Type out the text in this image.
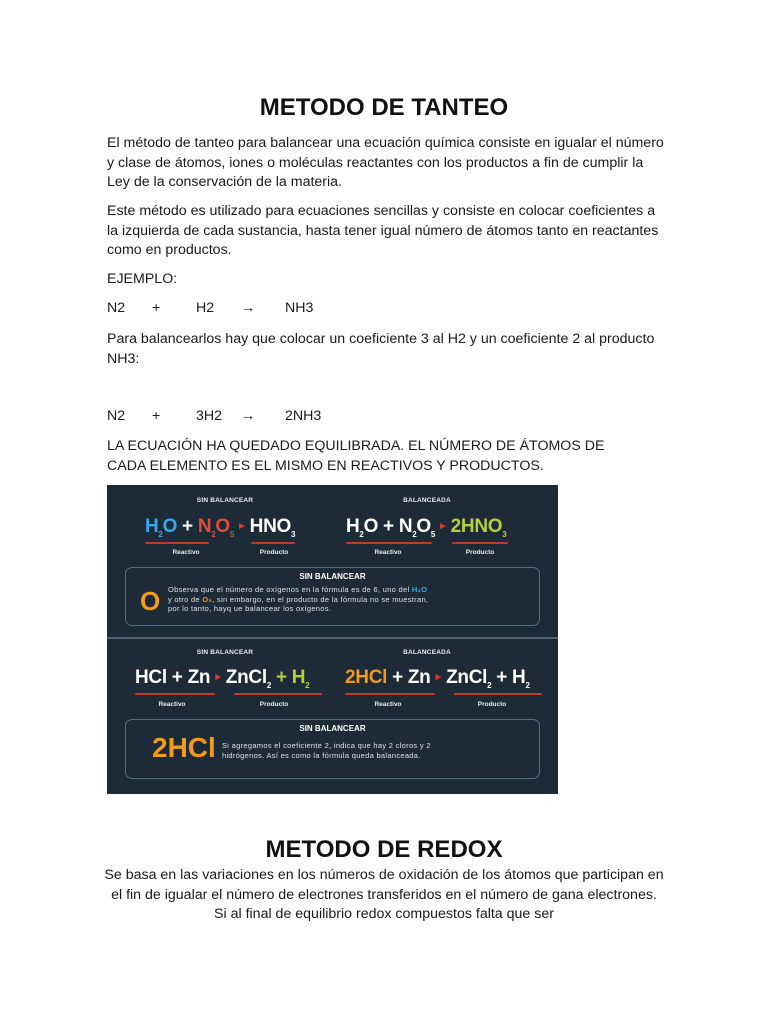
METODO DE TANTEO
El método de tanteo para balancear una ecuación química consiste en igualar el número y clase de átomos, iones o moléculas reactantes con los productos a fin de cumplir la Ley de la conservación de la materia.
Este método es utilizado para ecuaciones sencillas y consiste en colocar coeficientes a la izquierda de cada sustancia, hasta tener igual número de átomos tanto en reactantes como en productos.
EJEMPLO:
N2 +	H2 → NH3
Para balancearlos hay que colocar un coeficiente 3 al H2 y un coeficiente 2 al producto NH3:
N2 +	3H2 → 2NH3
LA ECUACIÓN HA QUEDADO EQUILIBRADA. EL NÚMERO DE ÁTOMOS DE CADA ELEMENTO ES EL MISMO EN REACTIVOS Y PRODUCTOS.
SIN BALANCEAR	BALANCEADA
$H_2O$ + $N_2O_5►$ $HNO_3$
Reactivo	Producto
$H_2O$ + $N_2O_5►$ $2HNO_3$
Reactivo	Producto
SIN BALANCEAR
O Observa que el número de oxígenos en la fórmula es de 6, uno del H₂O
y otro de O₅, sin embargo, en el producto de la fórmula no se muestran,
por lo tanto, hayq ue balancear los oxígenos.
SIN BALANCEAR	BALANCEADA
HCl + Zn ► ZnCl$_2$ + $H_2$
Reactivo	Producto
2HCl + Zn ► ZnCl$_2$ + $H_2$
Reactivo	Producto
SIN BALANCEAR
2HCl Si agregamos el coeficiente 2, indica que hay 2 cloros y 2
hidrógenos. Así es como la fórmula queda balanceada.
METODO DE REDOX
Se basa en las variaciones en los números de oxidación de los átomos que participan en el fin de igualar el número de electrones transferidos en el número de gana electrones. Si al final de equilibrio redox compuestos falta que ser
